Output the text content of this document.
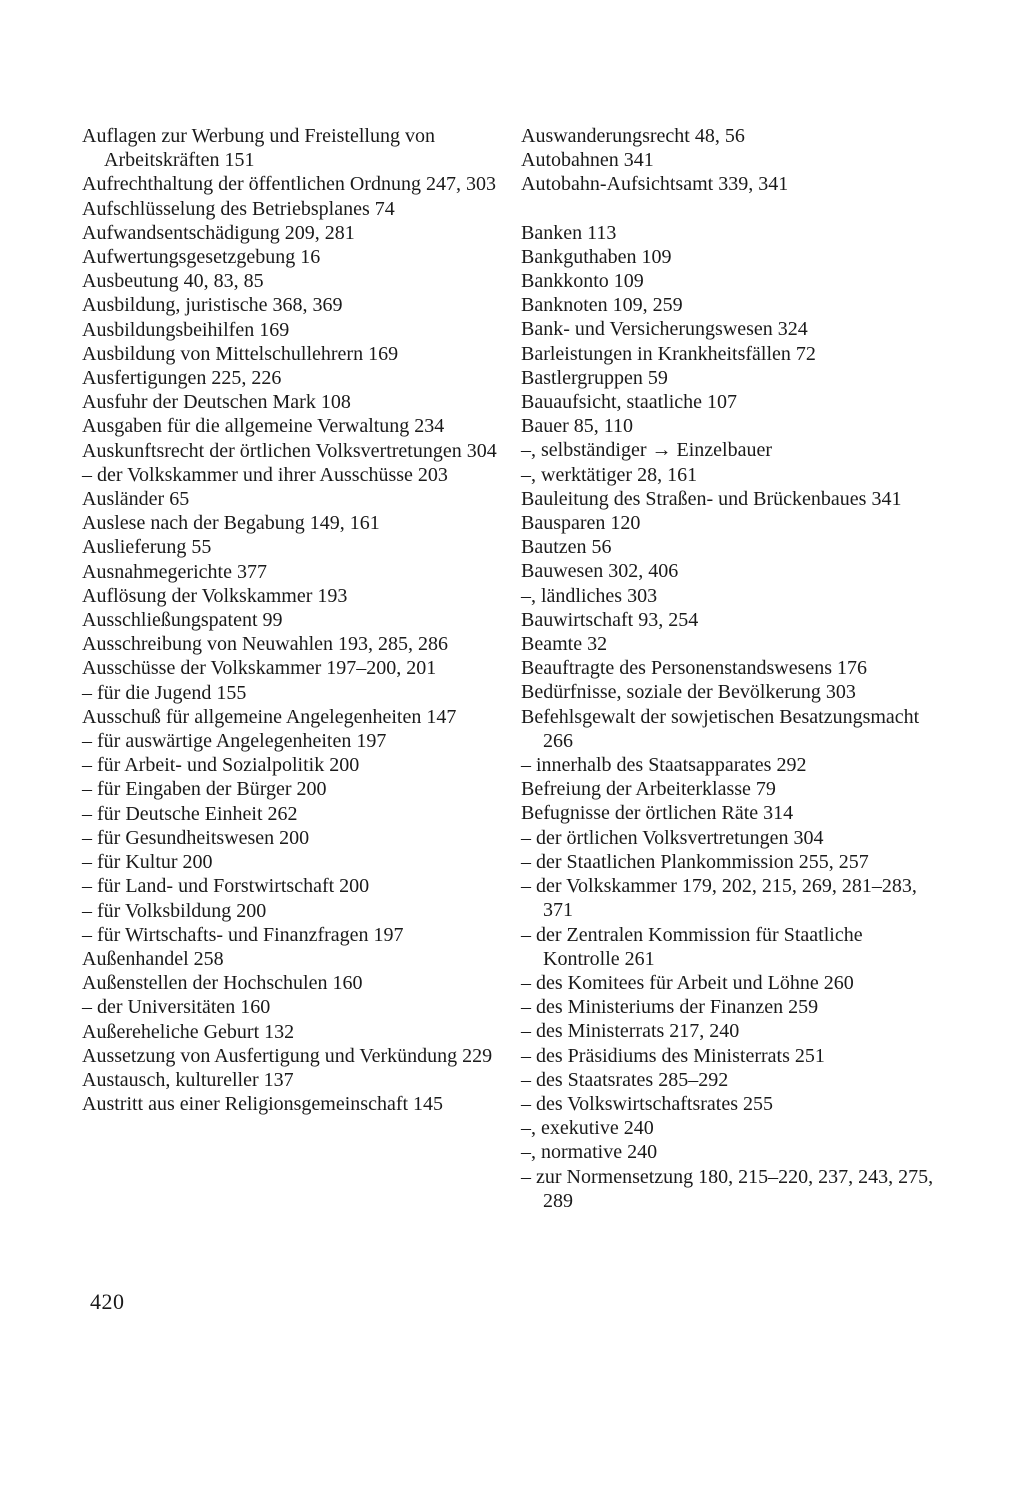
Auflagen zur Werbung und Freistellung von Arbeitskräften 151
Aufrechthaltung der öffentlichen Ordnung 247, 303
Aufschlüsselung des Betriebsplanes 74
Aufwandsentschädigung 209, 281
Aufwertungsgesetzgebung 16
Ausbeutung 40, 83, 85
Ausbildung, juristische 368, 369
Ausbildungsbeihilfen 169
Ausbildung von Mittelschullehrern 169
Ausfertigungen 225, 226
Ausfuhr der Deutschen Mark 108
Ausgaben für die allgemeine Verwaltung 234
Auskunftsrecht der örtlichen Volksvertretungen 304
– der Volkskammer und ihrer Ausschüsse 203
Ausländer 65
Auslese nach der Begabung 149, 161
Auslieferung 55
Ausnahmegerichte 377
Auflösung der Volkskammer 193
Ausschließungspatent 99
Ausschreibung von Neuwahlen 193, 285, 286
Ausschüsse der Volkskammer 197–200, 201
– für die Jugend 155
Ausschuß für allgemeine Angelegenheiten 147
– für auswärtige Angelegenheiten 197
– für Arbeit- und Sozialpolitik 200
– für Eingaben der Bürger 200
– für Deutsche Einheit 262
– für Gesundheitswesen 200
– für Kultur 200
– für Land- und Forstwirtschaft 200
– für Volksbildung 200
– für Wirtschafts- und Finanzfragen 197
Außenhandel 258
Außenstellen der Hochschulen 160
– der Universitäten 160
Außereheliche Geburt 132
Aussetzung von Ausfertigung und Verkündung 229
Austausch, kultureller 137
Austritt aus einer Religionsgemeinschaft 145
Auswanderungsrecht 48, 56
Autobahnen 341
Autobahn-Aufsichtsamt 339, 341
Banken 113
Bankguthaben 109
Bankkonto 109
Banknoten 109, 259
Bank- und Versicherungswesen 324
Barleistungen in Krankheitsfällen 72
Bastlergruppen 59
Bauaufsicht, staatliche 107
Bauer 85, 110
–, selbständiger → Einzelbauer
–, werktätiger 28, 161
Bauleitung des Straßen- und Brückenbaues 341
Bausparen 120
Bautzen 56
Bauwesen 302, 406
–, ländliches 303
Bauwirtschaft 93, 254
Beamte 32
Beauftragte des Personenstandswesens 176
Bedürfnisse, soziale der Bevölkerung 303
Befehlsgewalt der sowjetischen Besatzungsmacht 266
– innerhalb des Staatsapparates 292
Befreiung der Arbeiterklasse 79
Befugnisse der örtlichen Räte 314
– der örtlichen Volksvertretungen 304
– der Staatlichen Plankommission 255, 257
– der Volkskammer 179, 202, 215, 269, 281–283, 371
– der Zentralen Kommission für Staatliche Kontrolle 261
– des Komitees für Arbeit und Löhne 260
– des Ministeriums der Finanzen 259
– des Ministerrats 217, 240
– des Präsidiums des Ministerrats 251
– des Staatsrates 285–292
– des Volkswirtschaftsrates 255
–, exekutive 240
–, normative 240
– zur Normensetzung 180, 215–220, 237, 243, 275, 289
420
